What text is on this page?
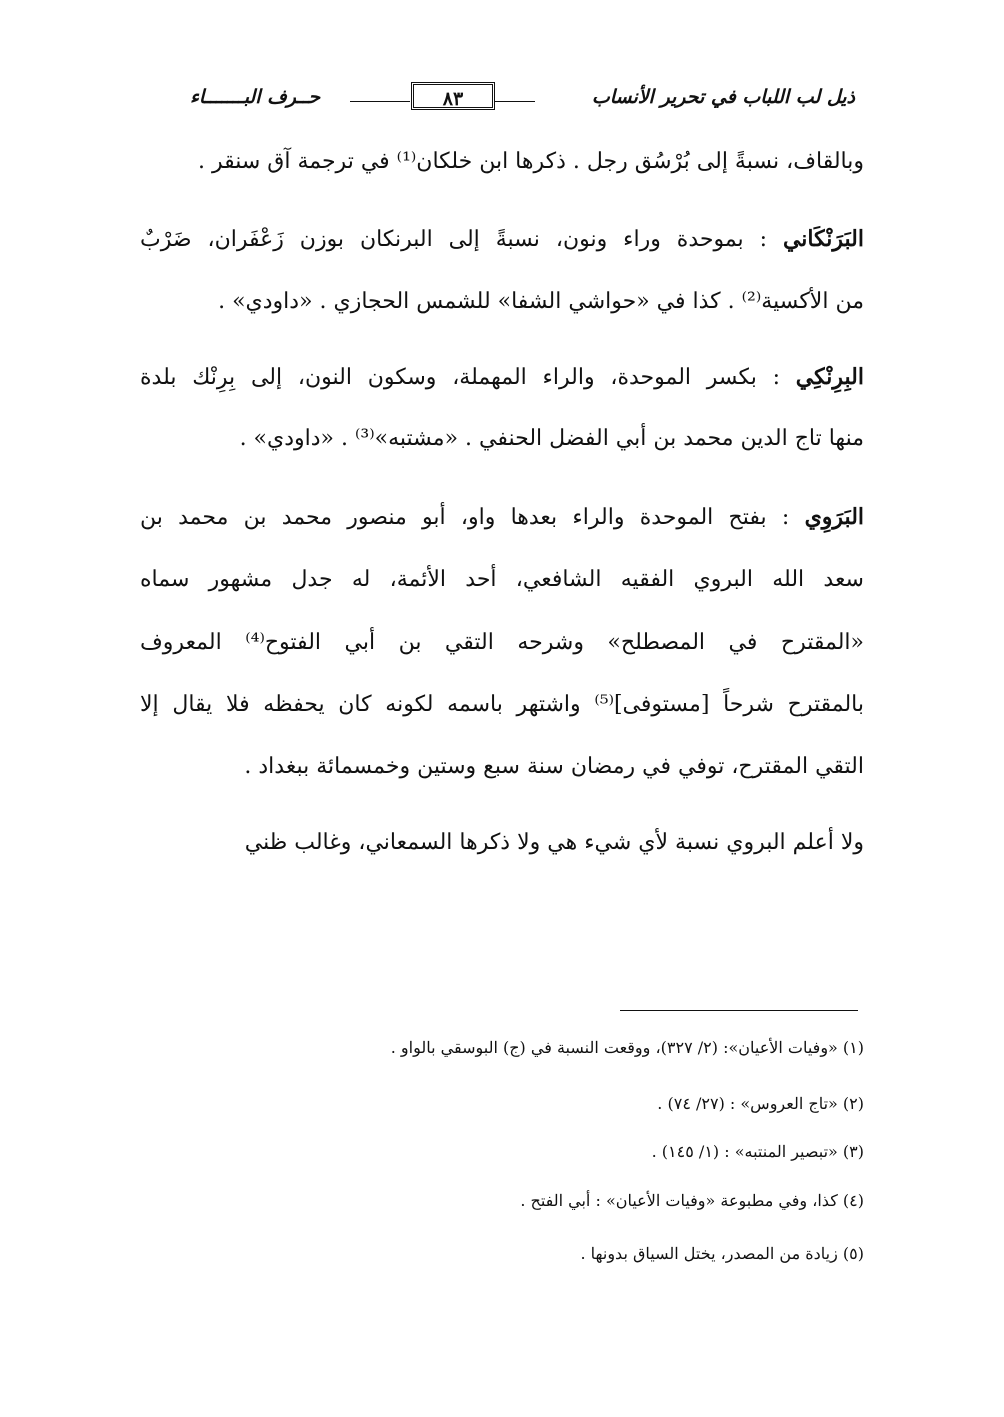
ذيل لب اللباب في تحرير الأنساب
٨٣
حــرف البـــــــاء
وبالقاف، نسبةً إلى بُرْسُق رجل . ذكرها ابن خلكان⁽¹⁾ في ترجمة آق سنقر .
البَرَنْكَاني : بموحدة وراء ونون، نسبةً إلى البرنكان بوزن زَعْفَران، ضَرْبٌ
من الأكسية⁽²⁾ . كذا في «حواشي الشفا» للشمس الحجازي . «داودي» .
البِرِنْكِي : بكسر الموحدة، والراء المهملة، وسكون النون، إلى بِرِنْك بلدة
منها تاج الدين محمد بن أبي الفضل الحنفي . «مشتبه»⁽³⁾ . «داودي» .
البَرَوِي : بفتح الموحدة والراء بعدها واو، أبو منصور محمد بن محمد بن
سعد الله البروي الفقيه الشافعي، أحد الأئمة، له جدل مشهور سماه
«المقترح في المصطلح» وشرحه التقي بن أبي الفتوح⁽⁴⁾ المعروف
بالمقترح شرحاً [مستوفى]⁽⁵⁾ واشتهر باسمه لكونه كان يحفظه فلا يقال إلا
التقي المقترح، توفي في رمضان سنة سبع وستين وخمسمائة ببغداد .
ولا أعلم البروي نسبة لأي شيء هي ولا ذكرها السمعاني، وغالب ظني
(١) «وفيات الأعيان»: (٢/ ٣٢٧)، ووقعت النسبة في (ج) البوسقي بالواو .
(٢) «تاج العروس» : (٢٧/ ٧٤) .
(٣) «تبصير المنتبه» : (١/ ١٤٥) .
(٤) كذا، وفي مطبوعة «وفيات الأعيان» : أبي الفتح .
(٥) زيادة من المصدر، يختل السياق بدونها .
